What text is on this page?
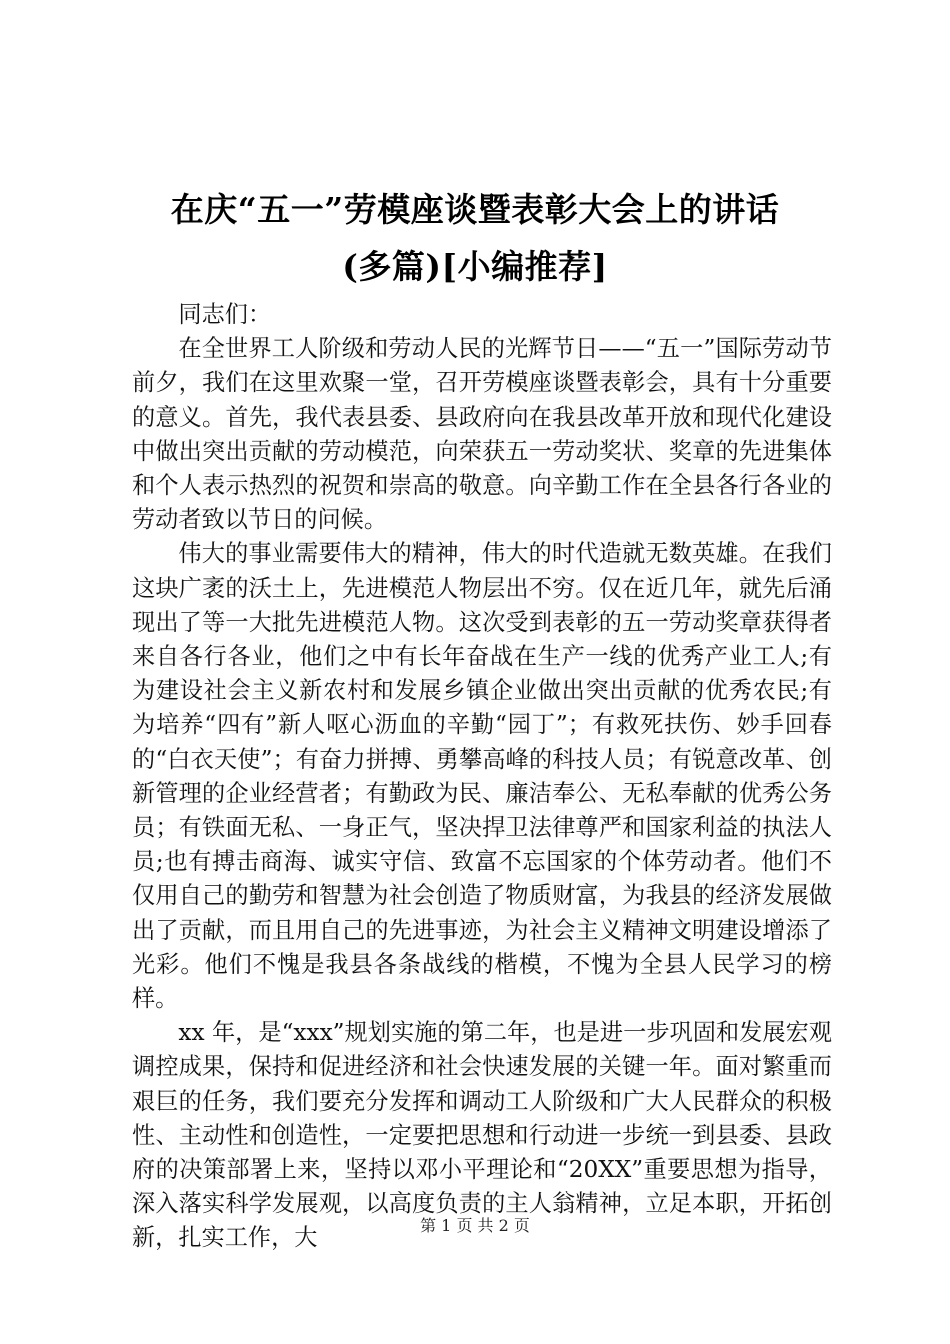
在庆“五一”劳模座谈暨表彰大会上的讲话
(多篇)[小编推荐]

同志们：

在全世界工人阶级和劳动人民的光辉节日——“五一”国际劳动节前夕，我们在这里欢聚一堂，召开劳模座谈暨表彰会，具有十分重要的意义。首先，我代表县委、县政府向在我县改革开放和现代化建设中做出突出贡献的劳动模范，向荣获五一劳动奖状、奖章的先进集体和个人表示热烈的祝贺和崇高的敬意。向辛勤工作在全县各行各业的劳动者致以节日的问候。

伟大的事业需要伟大的精神，伟大的时代造就无数英雄。在我们这块广袤的沃土上，先进模范人物层出不穷。仅在近几年，就先后涌现出了等一大批先进模范人物。这次受到表彰的五一劳动奖章获得者来自各行各业，他们之中有长年奋战在生产一线的优秀产业工人;有为建设社会主义新农村和发展乡镇企业做出突出贡献的优秀农民;有为培养“四有”新人呕心沥血的辛勤“园丁”；有救死扶伤、妙手回春的“白衣天使”；有奋力拼搏、勇攀高峰的科技人员；有锐意改革、创新管理的企业经营者；有勤政为民、廉洁奉公、无私奉献的优秀公务员；有铁面无私、一身正气，坚决捍卫法律尊严和国家利益的执法人员;也有搏击商海、诚实守信、致富不忘国家的个体劳动者。他们不仅用自己的勤劳和智慧为社会创造了物质财富，为我县的经济发展做出了贡献，而且用自己的先进事迹，为社会主义精神文明建设增添了光彩。他们不愧是我县各条战线的楷模，不愧为全县人民学习的榜样。

xx 年，是“xxx”规划实施的第二年，也是进一步巩固和发展宏观调控成果，保持和促进经济和社会快速发展的关键一年。面对繁重而艰巨的任务，我们要充分发挥和调动工人阶级和广大人民群众的积极性、主动性和创造性，一定要把思想和行动进一步统一到县委、县政府的决策部署上来，坚持以邓小平理论和“20XX”重要思想为指导，深入落实科学发展观，以高度负责的主人翁精神，立足本职，开拓创新，扎实工作，大	第 1 页 共 2 页
